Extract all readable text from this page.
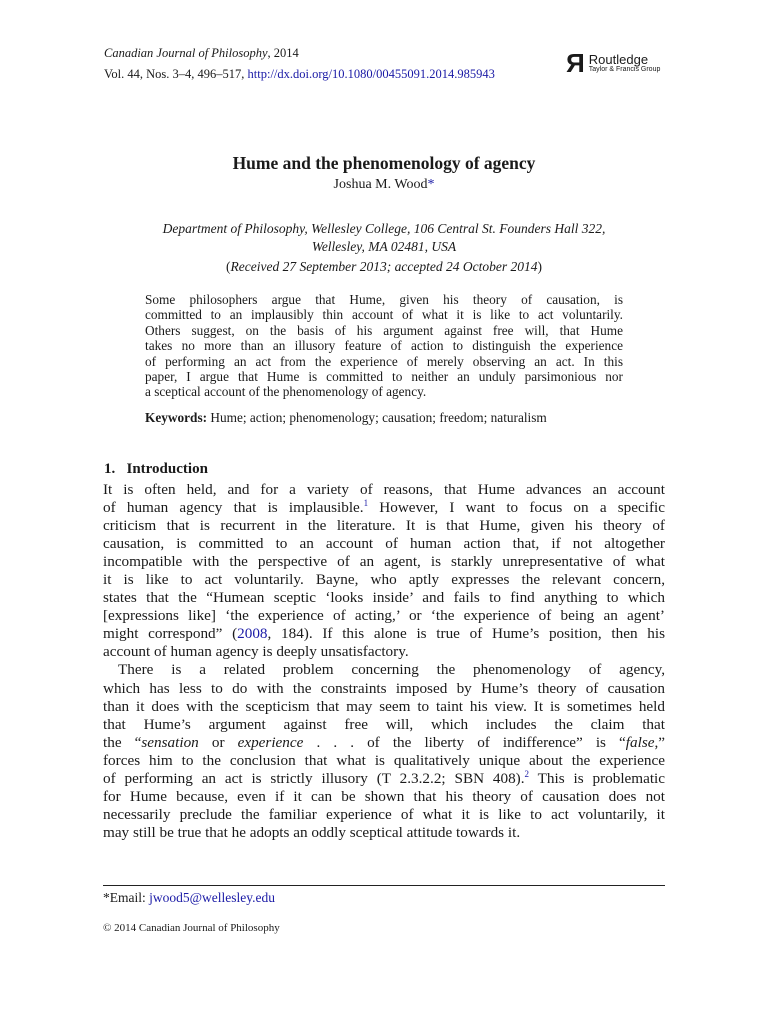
Canadian Journal of Philosophy, 2014
Vol. 44, Nos. 3–4, 496–517, http://dx.doi.org/10.1080/00455091.2014.985943	R Routledge
Taylor & Francis Group
Hume and the phenomenology of agency
Joshua M. Wood*
Department of Philosophy, Wellesley College, 106 Central St. Founders Hall 322,
Wellesley, MA 02481, USA
(Received 27 September 2013; accepted 24 October 2014)
Some philosophers argue that Hume, given his theory of causation, is
committed to an implausibly thin account of what it is like to act voluntarily.
Others suggest, on the basis of his argument against free will, that Hume
takes no more than an illusory feature of action to distinguish the experience
of performing an act from the experience of merely observing an act. In this
paper, I argue that Hume is committed to neither an unduly parsimonious nor
a sceptical account of the phenomenology of agency.
Keywords: Hume; action; phenomenology; causation; freedom; naturalism
1.   Introduction
It is often held, and for a variety of reasons, that Hume advances an account
of human agency that is implausible.$^1$ However, I want to focus on a specific
criticism that is recurrent in the literature. It is that Hume, given his theory of
causation, is committed to an account of human action that, if not altogether
incompatible with the perspective of an agent, is starkly unrepresentative of what
it is like to act voluntarily. Bayne, who aptly expresses the relevant concern,
states that the “Humean sceptic ‘looks inside’ and fails to find anything to which
[expressions like] ‘the experience of acting,’ or ‘the experience of being an agent’
might correspond” (2008, 184). If this alone is true of Hume’s position, then his
account of human agency is deeply unsatisfactory.
There is a related problem concerning the phenomenology of agency,
which has less to do with the constraints imposed by Hume’s theory of causation
than it does with the scepticism that may seem to taint his view. It is sometimes held
that Hume’s argument against free will, which includes the claim that
the “sensation or experience . . . of the liberty of indifference” is “false,”
forces him to the conclusion that what is qualitatively unique about the experience
of performing an act is strictly illusory (T 2.3.2.2; SBN 408).$^2$ This is problematic
for Hume because, even if it can be shown that his theory of causation does not
necessarily preclude the familiar experience of what it is like to act voluntarily, it
may still be true that he adopts an oddly sceptical attitude towards it.
*Email: jwood5@wellesley.edu
© 2014 Canadian Journal of Philosophy
